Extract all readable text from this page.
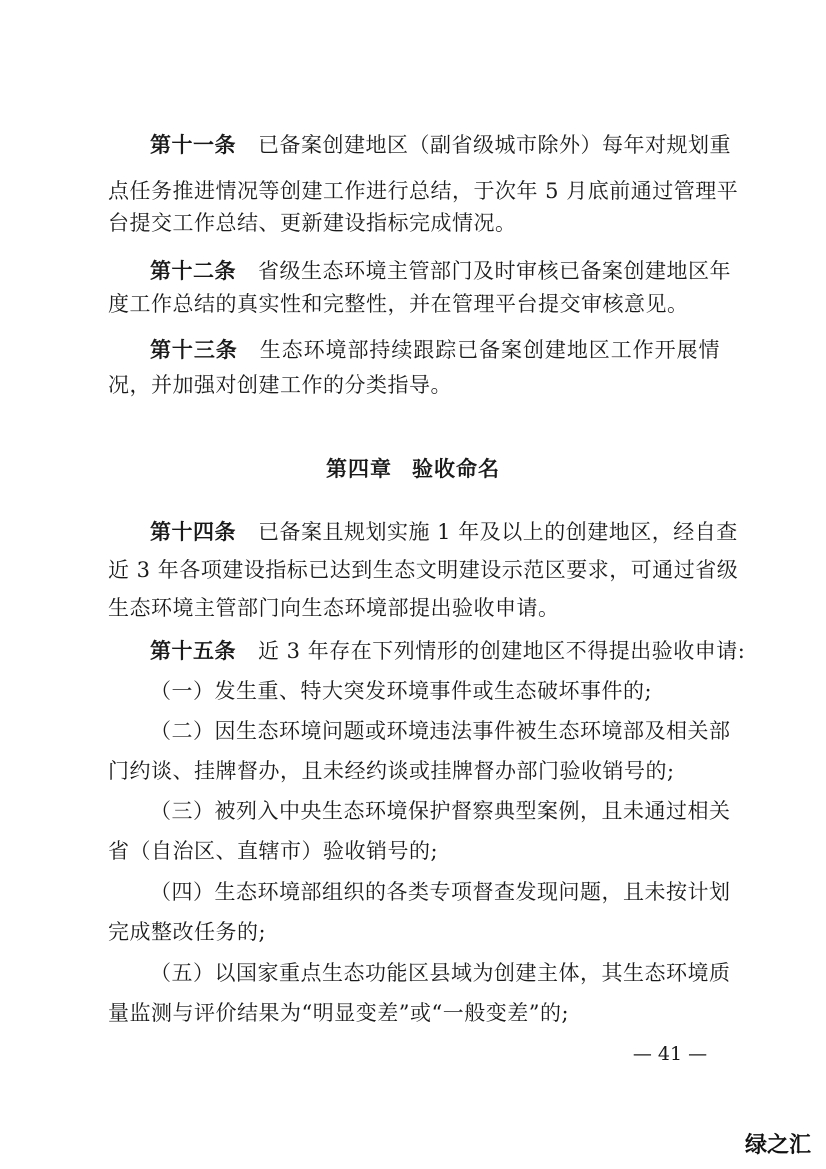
第十一条 已备案创建地区（副省级城市除外）每年对规划重
点任务推进情况等创建工作进行总结，于次年 5 月底前通过管理平
台提交工作总结、更新建设指标完成情况。
第十二条 省级生态环境主管部门及时审核已备案创建地区年
度工作总结的真实性和完整性，并在管理平台提交审核意见。
第十三条 生态环境部持续跟踪已备案创建地区工作开展情
况，并加强对创建工作的分类指导。
第四章 验收命名
第十四条 已备案且规划实施 1 年及以上的创建地区，经自查
近 3 年各项建设指标已达到生态文明建设示范区要求，可通过省级
生态环境主管部门向生态环境部提出验收申请。
第十五条 近 3 年存在下列情形的创建地区不得提出验收申请:
（一）发生重、特大突发环境事件或生态破坏事件的;
（二）因生态环境问题或环境违法事件被生态环境部及相关部
门约谈、挂牌督办，且未经约谈或挂牌督办部门验收销号的;
（三）被列入中央生态环境保护督察典型案例，且未通过相关
省（自治区、直辖市）验收销号的;
（四）生态环境部组织的各类专项督查发现问题，且未按计划
完成整改任务的;
（五）以国家重点生态功能区县域为创建主体，其生态环境质
量监测与评价结果为“明显变差”或“一般变差”的;
— 41 —
绿之汇
